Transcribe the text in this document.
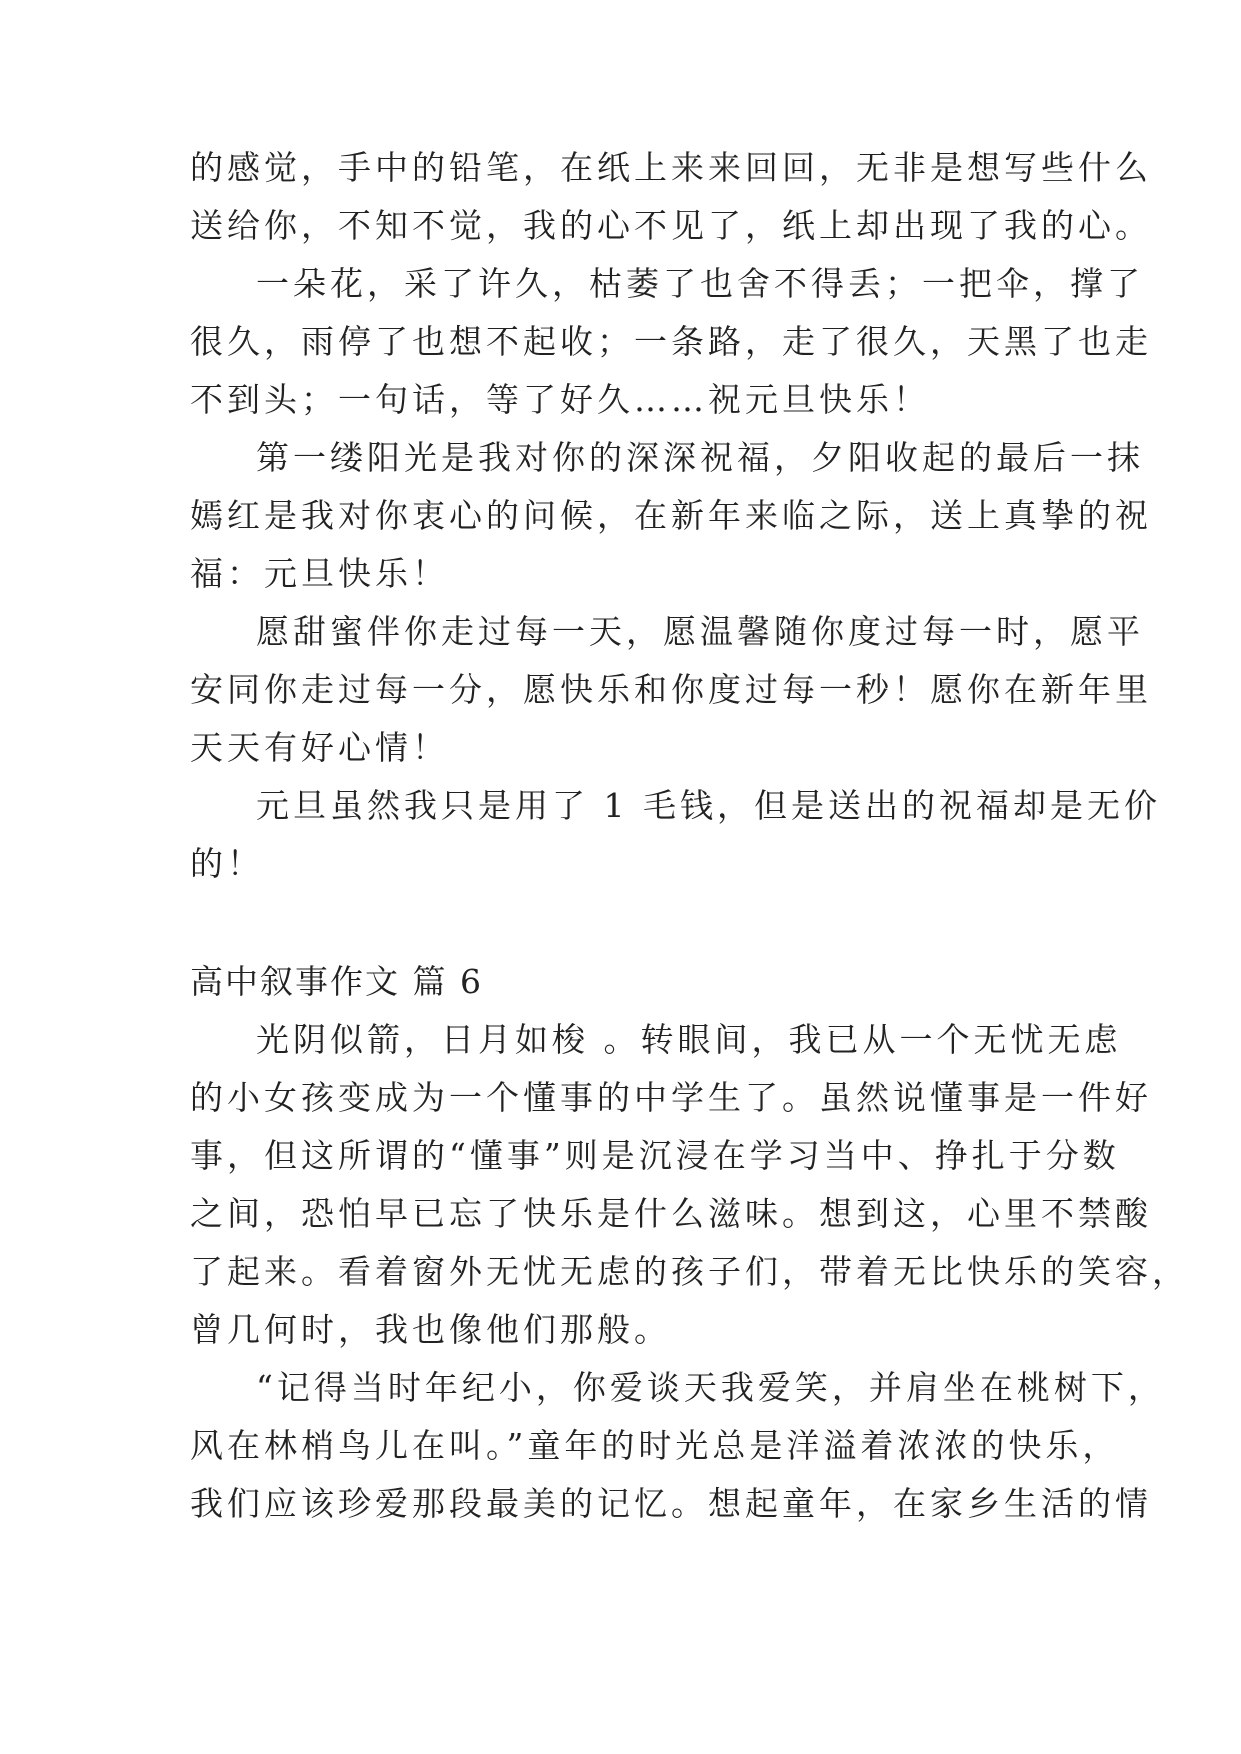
的感觉，手中的铅笔，在纸上来来回回，无非是想写些什么

送给你，不知不觉，我的心不见了，纸上却出现了我的心。

一朵花，采了许久，枯萎了也舍不得丢；一把伞，撑了

很久，雨停了也想不起收；一条路，走了很久，天黑了也走

不到头；一句话，等了好久……祝元旦快乐！

第一缕阳光是我对你的深深祝福，夕阳收起的最后一抹

嫣红是我对你衷心的问候，在新年来临之际，送上真挚的祝

福：元旦快乐！

愿甜蜜伴你走过每一天，愿温馨随你度过每一时，愿平

安同你走过每一分，愿快乐和你度过每一秒！愿你在新年里

天天有好心情！

元旦虽然我只是用了 1 毛钱，但是送出的祝福却是无价

的！

高中叙事作文 篇 6

光阴似箭，日月如梭 。转眼间，我已从一个无忧无虑

的小女孩变成为一个懂事的中学生了。虽然说懂事是一件好

事，但这所谓的“懂事”则是沉浸在学习当中、挣扎于分数

之间，恐怕早已忘了快乐是什么滋味。想到这，心里不禁酸

了起来。看着窗外无忧无虑的孩子们，带着无比快乐的笑容，

曾几何时，我也像他们那般。

“记得当时年纪小，你爱谈天我爱笑，并肩坐在桃树下，

风在林梢鸟儿在叫。”童年的时光总是洋溢着浓浓的快乐，

我们应该珍爱那段最美的记忆。想起童年，在家乡生活的情
